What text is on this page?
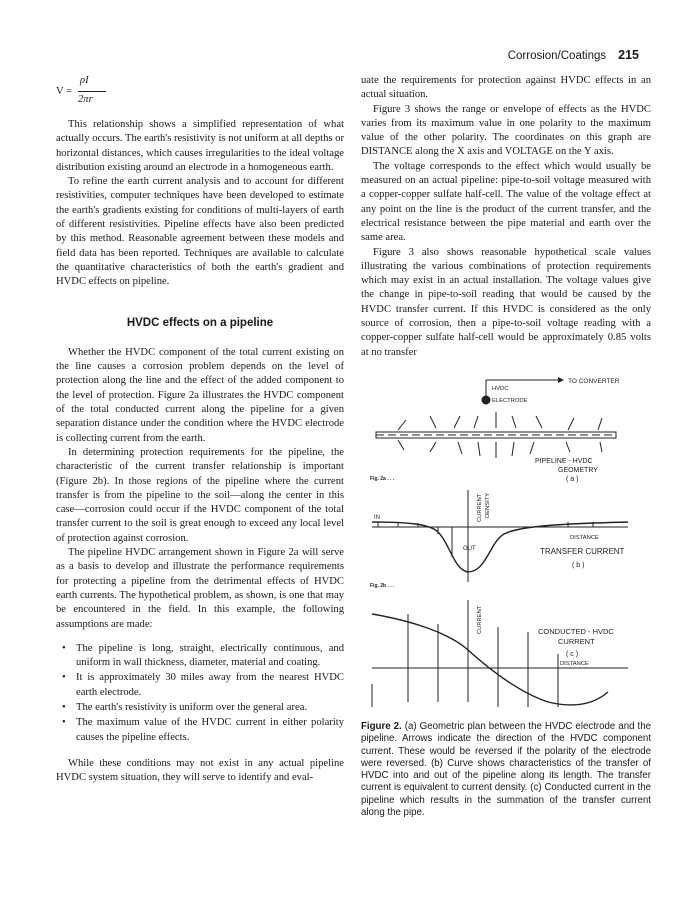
Corrosion/Coatings 215
V =
ρI
2πr

This relationship shows a simplified representation of what actually occurs. The earth's resistivity is not uniform at all depths or horizontal distances, which causes irregularities to the ideal voltage distribution existing around an electrode in a homogeneous earth.

To refine the earth current analysis and to account for different resistivities, computer techniques have been developed to estimate the earth's gradients existing for conditions of multi-layers of earth of different resistivities. Pipeline effects have also been predicted by this method. Reasonable agreement between these models and field data has been reported. Techniques are available to calculate the quantitative characteristics of both the earth's gradient and HVDC effects on pipeline.

HVDC effects on a pipeline

Whether the HVDC component of the total current existing on the line causes a corrosion problem depends on the level of protection along the line and the effect of the added component to the level of protection. Figure 2a illustrates the HVDC component of the total conducted current along the pipeline for a given separation distance under the condition where the HVDC electrode is collecting current from the earth.

In determining protection requirements for the pipeline, the characteristic of the current transfer relationship is important (Figure 2b). In those regions of the pipeline where the current transfer is from the pipeline to the soil—along the center in this case—corrosion could occur if the HVDC component of the total transfer current to the soil is great enough to exceed any local level of protection against corrosion.

The pipeline HVDC arrangement shown in Figure 2a will serve as a basis to develop and illustrate the performance requirements for protecting a pipeline from the detrimental effects of HVDC earth currents. The hypothetical problem, as shown, is one that may be encountered in the field. In this example, the following assumptions are made:

• The pipeline is long, straight, electrically continuous, and uniform in wall thickness, diameter, material and coating.
• It is approximately 30 miles away from the nearest HVDC earth electrode.
• The earth's resistivity is uniform over the general area.
• The maximum value of the HVDC current in either polarity causes the pipeline effects.

While these conditions may not exist in any actual pipeline HVDC system situation, they will serve to identify and eval-

uate the requirements for protection against HVDC effects in an actual situation.

Figure 3 shows the range or envelope of effects as the HVDC varies from its maximum value in one polarity to the maximum value of the other polarity. The coordinates on this graph are DISTANCE along the X axis and VOLTAGE on the Y axis.

The voltage corresponds to the effect which would usually be measured on an actual pipeline: pipe-to-soil voltage measured with a copper-copper sulfate half-cell. The value of the voltage effect at any point on the line is the product of the current transfer, and the electrical resistance between the pipe material and earth over the same area.

Figure 3 also shows reasonable hypothetical scale values illustrating the various combinations of protection requirements which may exist in an actual installation. The voltage values give the change in pipe-to-soil reading that would be caused by the HVDC transfer current. If this HVDC is considered as the only source of corrosion, then a pipe-to-soil voltage reading with a copper-copper sulfate half-cell would be approximately 0.85 volts at no transfer

TO CONVERTER
HVDC
ELECTRODE
PIPELINE - HVDC
GEOMETRY
( a )
Fig. 2a . . .
CURRENT DENSITY
IN
OUT
DISTANCE
TRANSFER CURRENT
( b )
Fig. 2b . . .
CURRENT	CONDUCTED - HVDC
CURRENT
( c )
DISTANCE
Figure 2. (a) Geometric plan between the HVDC electrode and the pipeline. Arrows indicate the direction of the HVDC component current. These would be reversed if the polarity of the electrode were reversed. (b) Curve shows characteristics of the transfer of HVDC into and out of the pipeline along its length. The transfer current is equivalent to current density. (c) Conducted current in the pipeline which results in the summation of the transfer current along the pipe.
